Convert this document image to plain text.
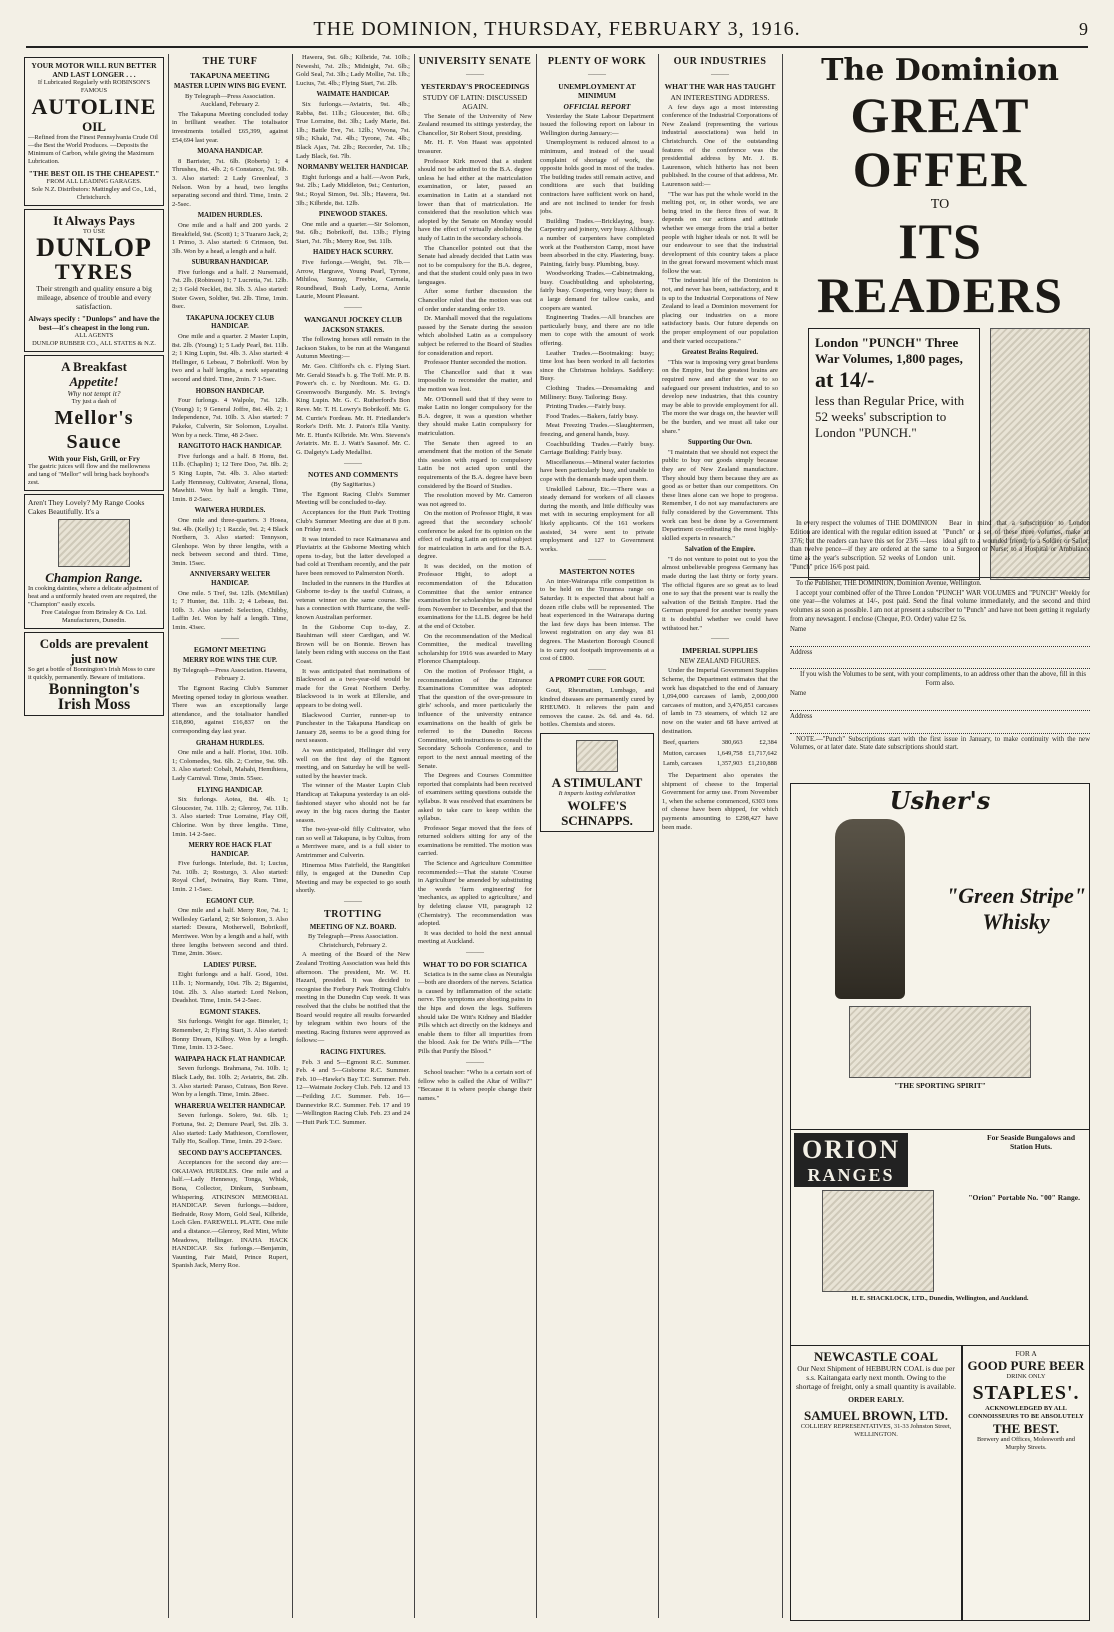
THE DOMINION, THURSDAY, FEBRUARY 3, 1916.	9
YOUR MOTOR WILL RUN BETTER AND LAST LONGER . . .
If Lubricated Regularly with ROBINSON'S FAMOUS
AUTOLINE
OIL
—Refined from the Finest Pennsylvania Crude Oil—the Best the World Produces. —Deposits the Minimum of Carbon, while giving the Maximum Lubrication.
"THE BEST OIL IS THE CHEAPEST."
FROM ALL LEADING GARAGES.
Sole N.Z. Distributors: Mattingley and Co., Ltd., Christchurch.
It Always Pays
TO USE
DUNLOP
TYRES
Their strength and quality ensure a big mileage, absence of trouble and every satisfaction.
Always specify : "Dunlops" and have the best—it's cheapest in the long run.
ALL AGENTS
DUNLOP RUBBER CO., ALL STATES & N.Z.
A Breakfast
Appetite!
Why not tempt it?
Try just a dash of
Mellor's
Sauce
With your Fish, Grill, or Fry
The gastric juices will flow and the mellowness and tang of "Mellor" will bring back boyhood's zest.
Aren't They Lovely? My Range Cooks Cakes Beautifully. It's a
Champion Range.
In cooking dainties, where a delicate adjustment of heat and a uniformly heated oven are required, the "Champion" easily excels.
Free Catalogue from Brinsley & Co. Ltd. Manufacturers, Dunedin.
Colds are prevalent
just now
So get a bottle of Bonnington's Irish Moss to cure it quickly, permanently. Beware of imitations.
Bonnington's
Irish Moss
THE TURF
TAKAPUNA MEETING
MASTER LUPIN WINS BIG EVENT.
By Telegraph—Press Association. Auckland, February 2.
The Takapuna Meeting concluded today in brilliant weather. The totalisator investments totalled £65,399, against £54,694 last year.
MOANA HANDICAP.
8 Barrister, 7st. 6lb. (Roberts) 1; 4 Thrushes, 8st. 4lb. 2; 6 Constance, 7st. 9lb. 3. Also started: 2 Lady Greenleaf, 3 Nelson. Won by a head, two lengths separating second and third. Time, 1min. 2 2-5sec.
MAIDEN HURDLES.
One mile and a half and 200 yards. 2 Breakfield, 9st. (Scott) 1; 3 Tuararo Jack, 2; 1 Primo, 3. Also started: 6 Crimson, 9st. 3lb. Won by a head, a length and a half.
SUBURBAN HANDICAP.
Five furlongs and a half. 2 Nursemaid, 7st. 2lb. (Robinson) 1; 7 Lucretia, 7st. 12lb. 2; 3 Gold Necklet, 8st. 3lb. 3. Also started: Sister Gwen, Soldier, 9st. 2lb. Time, 1min. 8sec.
TAKAPUNA JOCKEY CLUB HANDICAP.
One mile and a quarter. 2 Master Lupin, 8st. 2lb. (Young) 1; 5 Lady Pearl, 8st. 11lb. 2; 1 King Lupin, 9st. 4lb. 3. Also started: 4 Hellinger, 6 Lebeau, 7 Bobrikoff. Won by two and a half lengths, a neck separating second and third. Time, 2min. 7 1-5sec.
HOBSON HANDICAP.
Four furlongs. 4 Walpole, 7st. 12lb. (Young) 1; 9 General Joffre, 8st. 4lb. 2; 1 Independence, 7st. 10lb. 3. Also started: 7 Pakeke, Culverin, Sir Solomon, Loyalist. Won by a neck. Time, 48 2-5sec.
RANGITOTO HACK HANDICAP.
Five furlongs and a half. 8 Honu, 8st. 11lb. (Chaplin) 1; 12 Tere Doo, 7st. 8lb. 2; 5 King Lupin, 7st. 4lb. 3. Also started: Lady Hennessy, Cultivator, Arsenal, Ilona, Mawhiti. Won by half a length. Time, 1min. 8 2-5sec.
WAIWERA HURDLES.
One mile and three-quarters. 3 Hosea, 9st. 4lb. (Kelly) 1; 1 Razzle, 9st. 2; 4 Black Northern, 3. Also started: Tennyson, Glenhope. Won by three lengths, with a neck between second and third. Time, 3min. 15sec.
ANNIVERSARY WELTER HANDICAP.
One mile. 5 Tref, 9st. 12lb. (McMillan) 1; 7 Hunter, 8st. 11lb. 2; 4 Lebeau, 8st. 10lb. 3. Also started: Selection, Chibby, Laffin Jet. Won by half a length. Time, 1min. 43sec.
———
EGMONT MEETING
MERRY ROE WINS THE CUP.
By Telegraph—Press Association. Hawera, February 2.
The Egmont Racing Club's Summer Meeting opened today in glorious weather. There was an exceptionally large attendance, and the totalisator handled £18,890, against £16,837 on the corresponding day last year.
GRAHAM HURDLES.
One mile and a half. Florist, 10st. 10lb. 1; Colomedes, 9st. 6lb. 2; Corine, 9st. 9lb. 3. Also started: Cobalt, Mahahi, Hemihiera, Lady Carnival. Time, 3min. 55sec.
FLYING HANDICAP.
Six furlongs. Aotea, 8st. 4lb. 1; Gloucester, 7st. 11lb. 2; Glenroy, 7st. 11lb. 3. Also started: True Lorraine, Flay Off, Chlorine. Won by three lengths. Time, 1min. 14 2-5sec.
MERRY ROE HACK FLAT HANDICAP.
Five furlongs. Interlude, 8st. 1; Lucius, 7st. 10lb. 2; Rosturgo, 3. Also started: Royal Chef, Iwinaira, Bay Rum. Time, 1min. 2 1-5sec.
EGMONT CUP.
One mile and a half. Merry Roe, 7st. 1; Wellesley Garland, 2; Sir Solomon, 3. Also started: Desura, Motherwell, Bobrikoff, Merriwee. Won by a length and a half, with three lengths between second and third. Time, 2min. 36sec.
LADIES' PURSE.
Eight furlongs and a half. Good, 10st. 11lb. 1; Normandy, 10st. 7lb. 2; Bigamist, 10st. 2lb. 3. Also started: Lord Nelson, Deadshot. Time, 1min. 54 2-5sec.
EGMONT STAKES.
Six furlongs. Weight for age. Bimeler, 1; Remember, 2; Flying Start, 3. Also started: Bonny Dream, Kilboy. Won by a length. Time, 1min. 13 2-5sec.
WAIPAPA HACK FLAT HANDICAP.
Seven furlongs. Brahmana, 7st. 10lb. 1; Black Lady, 8st. 10lb. 2; Aviatrix, 8st. 2lb. 3. Also started: Paraso, Cuirass, Bon Reve. Won by a length. Time, 1min. 28sec.
WHARERUA WELTER HANDICAP.
Seven furlongs. Solero, 9st. 6lb. 1; Fortuna, 9st. 2; Demure Pearl, 9st. 2lb. 3. Also started: Lady Mathieson, Cornflower, Tally Ho, Scallop. Time, 1min. 29 2-5sec.
SECOND DAY'S ACCEPTANCES.
Acceptances for the second day are:—OKAIAWA HURDLES. One mile and a half.—Lady Hennessy, Tonga, Whisk, Bona, Collector, Dinkum, Sunbeam, Whispering. ATKINSON MEMORIAL HANDICAP. Seven furlongs.—Isidore, Bedraide, Rosy Morn, Gold Seal, Kilbride, Loch Glen. FAREWELL PLATE. One mile and a distance.—Glenroy, Red Mint, White Meadows, Hellinger. INAHA HACK HANDICAP. Six furlongs.—Benjamin, Vaunting, Fair Maid, Prince Rupert, Spanish Jack, Merry Roe.
Hawera, 9st. 6lb.; Kilbride, 7st. 10lb.; Neweshi, 7st. 2lb.; Midnight, 7st. 6lb.; Gold Seal, 7st. 3lb.; Lady Mollie, 7st. 1lb.; Lucius, 7st. 4lb.; Flying Start, 7st. 2lb.
WAIMATE HANDICAP.
Six furlongs.—Aviatrix, 9st. 4lb.; Rabba, 8st. 11lb.; Gloucester, 8st. 6lb.; True Lorraine, 8st. 3lb.; Lady Marie, 8st. 1lb.; Battle Eve, 7st. 12lb.; Vivona, 7st. 9lb.; Khaki, 7st. 4lb.; Tyrone, 7st. 4lb.; Black Ajax, 7st. 2lb.; Recorder, 7st. 1lb.; Lady Black, 6st. 7lb.
NORMANBY WELTER HANDICAP.
Eight furlongs and a half.—Avon Park, 9st. 2lb.; Lady Middleton, 9st.; Centurion, 9st.; Royal Simon, 9st. 3lb.; Hawera, 9st. 3lb.; Kilbride, 8st. 12lb.
PINEWOOD STAKES.
One mile and a quarter.—Sir Solomon, 9st. 6lb.; Bobrikoff, 8st. 13lb.; Flying Start, 7st. 7lb.; Merry Roe, 9st. 11lb.
HAIDEY HACK SCURRY.
Five furlongs.—Weight, 9st. 7lb.—Arrow, Hargrave, Young Pearl, Tyrone, Mihiloa, Sunray, Freebie, Carmela, Roundhead, Bush Lady, Lorna, Annie Laurie, Mount Pleasant.
———
WANGANUI JOCKEY CLUB
JACKSON STAKES.
The following horses still remain in the Jackson Stakes, to be run at the Wanganui Autumn Meeting:—
Mr. Geo. Clifford's ch. c. Flying Start. Mr. Gerald Stead's b. g. The Toff. Mr. P. B. Power's ch. c. by Nordtoun. Mr. G. D. Greenwood's Burgundy. Mr. S. Irving's King Lupin. Mr. G. C. Rutherford's Bon Reve. Mr. T. H. Lowry's Bobrikoff. Mr. G. M. Currie's Fordeau. Mr. H. Friedlander's Rorke's Drift. Mr. J. Paton's Ella Vanity. Mr. E. Hunt's Kilbride. Mr. Wm. Stevens's Aviatrix. Mr. E. J. Watt's Sasanof. Mr. C. G. Dalgety's Lady Medallist.
———
NOTES AND COMMENTS
(By Sagittarius.)
The Egmont Racing Club's Summer Meeting will be concluded to-day.
Acceptances for the Hutt Park Trotting Club's Summer Meeting are due at 8 p.m. on Friday next.
It was intended to race Kaimanawa and Pluviatrix at the Gisborne Meeting which opens to-day, but the latter developed a bad cold at Trentham recently, and the pair have been removed to Palmerston North.
Included in the runners in the Hurdles at Gisborne to-day is the useful Cuirass, a veteran winner on the same course. She has a connection with Hurricane, the well-known Australian performer.
In the Gisborne Cup to-day, Z. Bauhiman will steer Cardigan, and W. Brown will be on Bonnie. Brown has lately been riding with success on the East Coast.
It was anticipated that nominations of Blackwood as a two-year-old would be made for the Great Northern Derby. Blackwood is in work at Ellerslie, and appears to be doing well.
Blackwood Currier, runner-up to Punchester in the Takapuna Handicap on January 28, seems to be a good thing for next season.
As was anticipated, Hellinger did very well on the first day of the Egmont meeting, and on Saturday he will be well-suited by the heavier track.
The winner of the Master Lupin Club Handicap at Takapuna yesterday is an old-fashioned stayer who should not be far away in the big races during the Easter season.
The two-year-old filly Cultivator, who ran so well at Takapuna, is by Cultus, from a Merriwee mare, and is a full sister to Amtrimmer and Culverin.
Hinemoa Miss Fairfield, the Rangitikei filly, is engaged at the Dunedin Cup Meeting and may be expected to go south shortly.
———
TROTTING
MEETING OF N.Z. BOARD.
By Telegraph—Press Association. Christchurch, February 2.
A meeting of the Board of the New Zealand Trotting Association was held this afternoon. The president, Mr. W. H. Hazard, presided. It was decided to recognise the Forbury Park Trotting Club's meeting in the Dunedin Cup week. It was resolved that the clubs be notified that the Board would require all results forwarded by telegram within two hours of the meeting. Racing fixtures were approved as follows:—
RACING FIXTURES.
Feb. 3 and 5—Egmont R.C. Summer. Feb. 4 and 5—Gisborne R.C. Summer. Feb. 10—Hawke's Bay T.C. Summer. Feb. 12—Waimate Jockey Club. Feb. 12 and 13—Feilding J.C. Summer. Feb. 16—Dannevirke R.C. Summer. Feb. 17 and 19—Wellington Racing Club. Feb. 23 and 24—Hutt Park T.C. Summer.
UNIVERSITY SENATE
———
YESTERDAY'S PROCEEDINGS
STUDY OF LATIN: DISCUSSED AGAIN.
The Senate of the University of New Zealand resumed its sittings yesterday, the Chancellor, Sir Robert Stout, presiding.
Mr. H. F. Von Haast was appointed treasurer.
Professor Kirk moved that a student should not be admitted to the B.A. degree unless he had either at the matriculation examination, or later, passed an examination in Latin at a standard not lower than that of matriculation. He considered that the resolution which was adopted by the Senate on Monday would have the effect of virtually abolishing the study of Latin in the secondary schools.
The Chancellor pointed out that the Senate had already decided that Latin was not to be compulsory for the B.A. degree, and that the student could only pass in two languages.
After some further discussion the Chancellor ruled that the motion was out of order under standing order 19.
Dr. Marshall moved that the regulations passed by the Senate during the session which abolished Latin as a compulsory subject be referred to the Board of Studies for consideration and report.
Professor Hunter seconded the motion.
The Chancellor said that it was impossible to reconsider the matter, and the motion was lost.
Mr. O'Donnell said that if they were to make Latin no longer compulsory for the B.A. degree, it was a question whether they should make Latin compulsory for matriculation.
The Senate then agreed to an amendment that the motion of the Senate this session with regard to compulsory Latin be not acted upon until the requirements of the B.A. degree have been considered by the Board of Studies.
The resolution moved by Mr. Cameron was not agreed to.
On the motion of Professor Hight, it was agreed that the secondary schools' conference be asked for its opinion on the effect of making Latin an optional subject for matriculation in arts and for the B.A. degree.
It was decided, on the motion of Professor Hight, to adopt a recommendation of the Education Committee that the senior entrance examination for scholarships be postponed from November to December, and that the examinations for the LL.B. degree be held at the end of October.
On the recommendation of the Medical Committee, the medical travelling scholarship for 1916 was awarded to Mary Florence Champtaloup.
On the motion of Professor Hight, a recommendation of the Entrance Examinations Committee was adopted: That the question of the over-pressure in girls' schools, and more particularly the influence of the university entrance examinations on the health of girls be referred to the Dunedin Recess Committee, with instructions to consult the Secondary Schools Conference, and to report to the next annual meeting of the Senate.
The Degrees and Courses Committee reported that complaints had been received of examiners setting questions outside the syllabus. It was resolved that examiners be asked to take care to keep within the syllabus.
Professor Segar moved that the fees of returned soldiers sitting for any of the examinations be remitted. The motion was carried.
The Science and Agriculture Committee recommended:—That the statute 'Course in Agriculture' be amended by substituting the words 'farm engineering' for 'mechanics, as applied to agriculture,' and by deleting clause VII, paragraph 12 (Chemistry). The recommendation was adopted.
It was decided to hold the next annual meeting at Auckland.
———
WHAT TO DO FOR SCIATICA
Sciatica is in the same class as Neuralgia—both are disorders of the nerves. Sciatica is caused by inflammation of the sciatic nerve. The symptoms are shooting pains in the hips and down the legs. Sufferers should take De Witt's Kidney and Bladder Pills which act directly on the kidneys and enable them to filter all impurities from the blood. Ask for De Witt's Pills—"The Pills that Purify the Blood."
———
School teacher: "Who is a certain sort of fellow who is called the Altar of Willis?" "Because it is where people change their names."
PLENTY OF WORK
———
UNEMPLOYMENT AT MINIMUM
OFFICIAL REPORT
Yesterday the State Labour Department issued the following report on labour in Wellington during January:—
Unemployment is reduced almost to a minimum, and instead of the usual complaint of shortage of work, the opposite holds good in most of the trades. The building trades still remain active, and conditions are such that building contractors have sufficient work on hand, and are not inclined to tender for fresh jobs.
Building Trades.—Bricklaying, busy. Carpentry and joinery, very busy. Although a number of carpenters have completed work at the Featherston Camp, most have been absorbed in the city. Plastering, busy. Painting, fairly busy. Plumbing, busy.
Woodworking Trades.—Cabinetmaking, busy. Coachbuilding and upholstering, fairly busy. Coopering, very busy; there is a large demand for tallow casks, and coopers are wanted.
Engineering Trades.—All branches are particularly busy, and there are no idle men to cope with the amount of work offering.
Leather Trades.—Bootmaking: busy; time lost has been worked in all factories since the Christmas holidays. Saddlery: Busy.
Clothing Trades.—Dressmaking and Millinery: Busy. Tailoring: Busy.
Printing Trades.—Fairly busy.
Food Trades.—Bakers, fairly busy.
Meat Freezing Trades.—Slaughtermen, freezing, and general hands, busy.
Coachbuilding Trades.—Fairly busy. Carriage Building: Fairly busy.
Miscellaneous.—Mineral water factories have been particularly busy, and unable to cope with the demands made upon them.
Unskilled Labour, Etc.—There was a steady demand for workers of all classes during the month, and little difficulty was met with in securing employment for all likely applicants. Of the 161 workers assisted, 34 were sent to private employment and 127 to Government works.
———
MASTERTON NOTES
An inter-Wairarapa rifle competition is to be held on the Tiraumea range on Saturday. It is expected that about half a dozen rifle clubs will be represented. The heat experienced in the Wairarapa during the last few days has been intense. The lowest registration on any day was 81 degrees. The Masterton Borough Council is to carry out footpath improvements at a cost of £800.
———
A PROMPT CURE FOR GOUT.
Gout, Rheumatism, Lumbago, and kindred diseases are permanently cured by RHEUMO. It relieves the pain and removes the cause. 2s. 6d. and 4s. 6d. bottles. Chemists and stores.
A STIMULANT
It imparts lasting exhilaration
WOLFE'S SCHNAPPS.
OUR INDUSTRIES
———
WHAT THE WAR HAS TAUGHT
AN INTERESTING ADDRESS.
A few days ago a most interesting conference of the Industrial Corporations of New Zealand (representing the various industrial associations) was held in Christchurch. One of the outstanding features of the conference was the presidential address by Mr. J. B. Laurenson, which hitherto has not been published. In the course of that address, Mr. Laurenson said:—
"The war has put the whole world in the melting pot, or, in other words, we are being tried in the fierce fires of war. It depends on our actions and attitude whether we emerge from the trial a better people with higher ideals or not. It will be our endeavour to see that the industrial development of this country takes a place in the great forward movement which must follow the war.
"The industrial life of the Dominion is not, and never has been, satisfactory, and it is up to the Industrial Corporations of New Zealand to lead a Dominion movement for placing our industries on a more satisfactory basis. Our future depends on the proper employment of our population and their varied occupations."
Greatest Brains Required.
"This war is imposing very great burdens on the Empire, but the greatest brains are required now and after the war to so safeguard our present industries, and to so develop new industries, that this country may be able to provide employment for all. The more the war drags on, the heavier will be the burden, and we must all take our share."
Supporting Our Own.
"I maintain that we should not expect the public to buy our goods simply because they are of New Zealand manufacture. They should buy them because they are as good as or better than our competitors. On these lines alone can we hope to progress. Remember, I do not say manufacturers are fully considered by the Government. This work can best be done by a Government Department co-ordinating the most highly-skilled experts in research."
Salvation of the Empire.
"I do not venture to point out to you the almost unbelievable progress Germany has made during the last thirty or forty years. The official figures are so great as to lead one to say that the present war is really the salvation of the British Empire. Had the German prepared for another twenty years it is doubtful whether we could have withstood her."
———
IMPERIAL SUPPLIES
NEW ZEALAND FIGURES.
Under the Imperial Government Supplies Scheme, the Department estimates that the work has dispatched to the end of January 1,094,000 carcases of lamb, 2,000,000 carcases of mutton, and 3,476,851 carcases of lamb in 73 steamers, of which 12 are now on the water and 68 have arrived at destination.
Beef, quarters	380,663	£2,384
Mutton, carcases	1,649,758	£1,717,642
Lamb, carcases	1,357,903	£1,210,888
The Department also operates the shipment of cheese to the Imperial Government for army use. From November 1, when the scheme commenced, 6303 tons of cheese have been shipped, for which payments amounting to £298,427 have been made.
The Dominion
GREAT OFFER
TO
ITS READERS
London "PUNCH" Three War Volumes, 1,800 pages,
at 14/-
less than Regular Price, with 52 weeks' subscription to London "PUNCH."
In every respect the volumes of THE DOMINION Edition are identical with the regular edition issued at 37/6; but the readers can have this set for 23/6 —less than twelve pence—if they are ordered at the same time as the year's subscription. 52 weeks of London "Punch" price 16/6 post paid.
Bear in mind that a subscription to London "Punch" or a set of these three volumes, make an ideal gift to a wounded friend; to a Soldier or Sailor; to a Surgeon or Nurse; to a Hospital or Ambulance unit.
To the Publisher, THE DOMINION, Dominion Avenue, Wellington.
I accept your combined offer of the Three London "PUNCH" WAR VOLUMES and "PUNCH" Weekly for one year—the volumes at 14/-, post paid. Send the final volume immediately, and the second and third volumes as soon as possible. I am not at present a subscriber to "Punch" and have not been getting it regularly from any newsagent. I enclose (Cheque, P.O. Order) value £2 5s.
Name
Address
If you wish the Volumes to be sent, with your compliments, to an address other than the above, fill in this Form also.
Name
Address
NOTE.—"Punch" Subscriptions start with the first issue in January, to make continuity with the new Volumes, or at later date. State date subscriptions should start.
Usher's
"Green Stripe"
Whisky
"THE SPORTING SPIRIT"
ORION
RANGES
For Seaside Bungalows and Station Huts.
"Orion" Portable No. "00" Range.
H. E. SHACKLOCK, LTD., Dunedin, Wellington, and Auckland.
NEWCASTLE COAL
Our Next Shipment of HEBBURN COAL is due per s.s. Kaitangata early next month. Owing to the shortage of freight, only a small quantity is available.
ORDER EARLY.
SAMUEL BROWN, LTD.
COLLIERY REPRESENTATIVES, 31-33 Johnston Street, WELLINGTON.
FOR A
GOOD PURE BEER
DRINK ONLY
STAPLES'.
ACKNOWLEDGED BY ALL CONNOISSEURS TO BE ABSOLUTELY
THE BEST.
Brewery and Offices, Molesworth and Murphy Streets.
